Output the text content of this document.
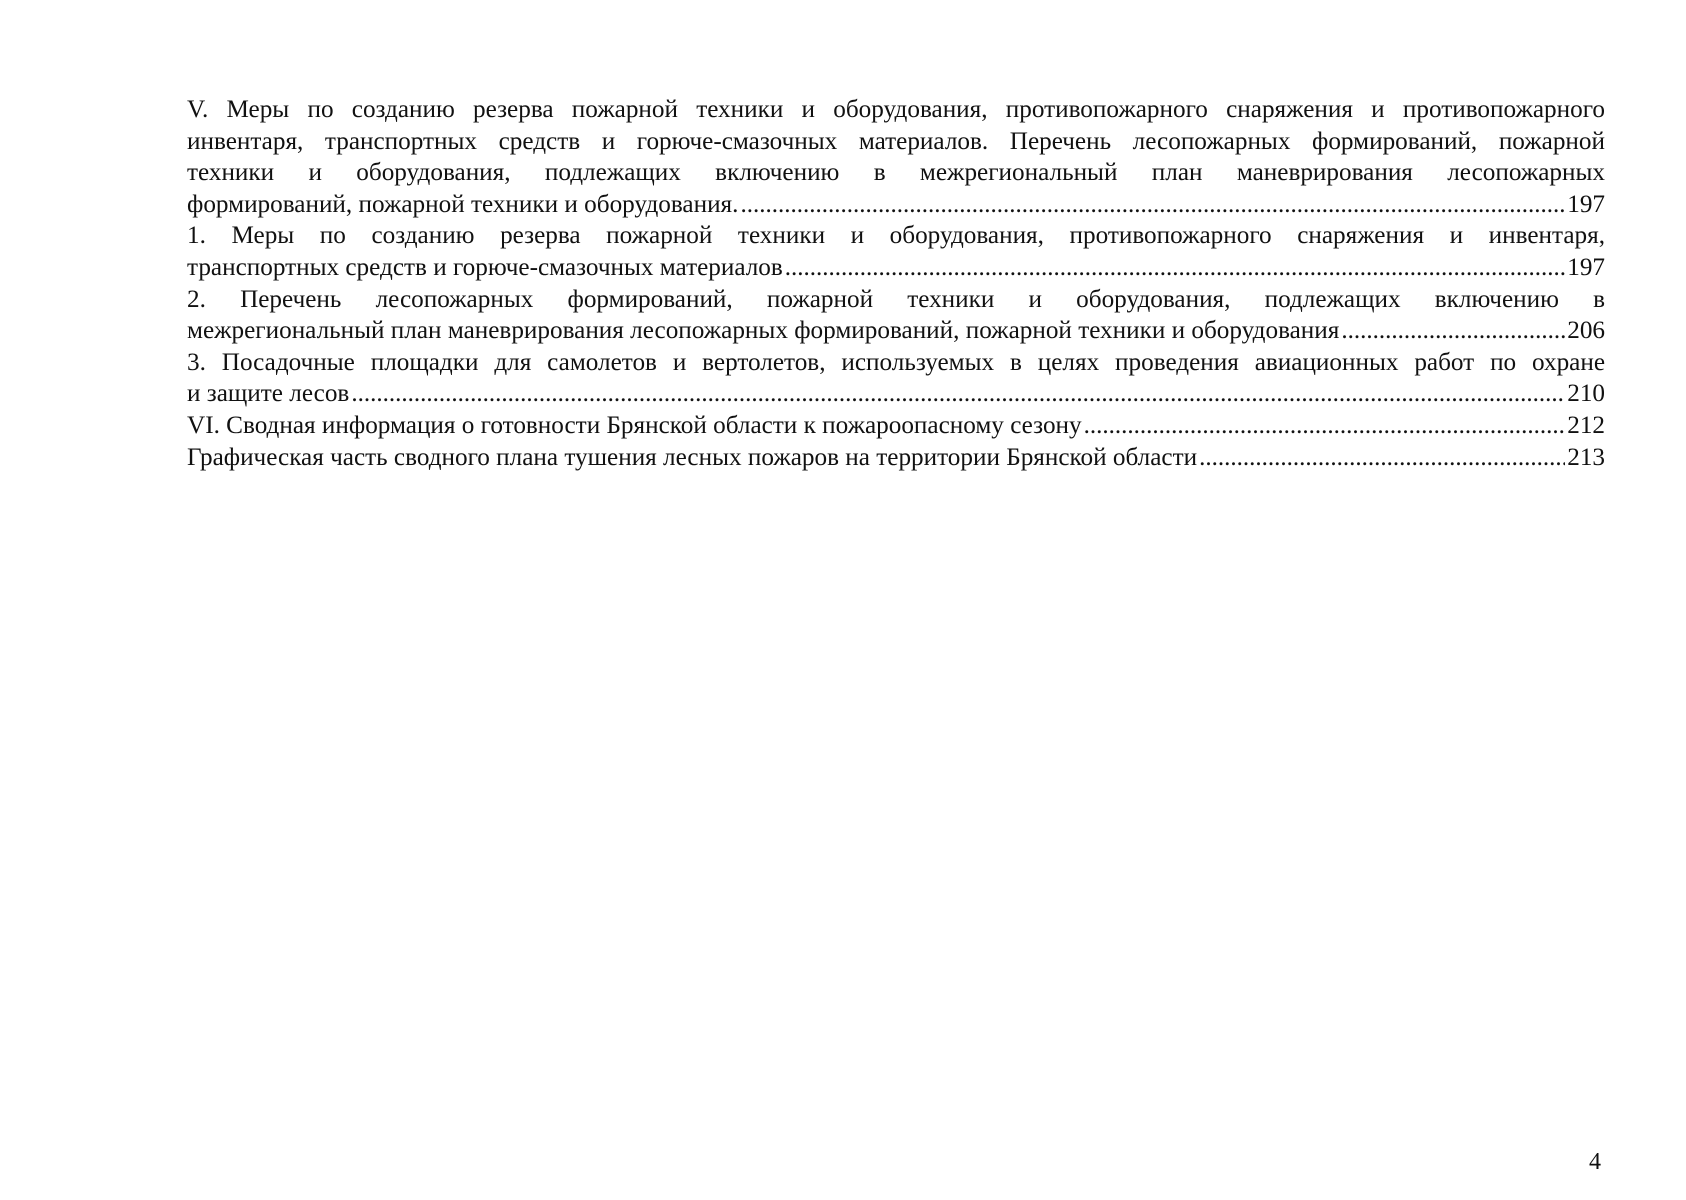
V. Меры по созданию резерва пожарной техники и оборудования, противопожарного снаряжения и противопожарного

инвентаря, транспортных средств и горюче-смазочных материалов. Перечень лесопожарных формирований, пожарной

техники и оборудования, подлежащих включению в межрегиональный план маневрирования лесопожарных

формирований, пожарной техники и оборудования. .....	197

1. Меры по созданию резерва пожарной техники и оборудования, противопожарного снаряжения и инвентаря,

транспортных средств и горюче-смазочных материалов .....	197

2. Перечень лесопожарных формирований, пожарной техники и оборудования, подлежащих включению в

межрегиональный план маневрирования лесопожарных формирований, пожарной техники и оборудования .....	206

3. Посадочные площадки для самолетов и вертолетов, используемых в целях проведения авиационных работ по охране

и защите лесов .....	210
VI. Сводная информация о готовности Брянской области к пожароопасному сезону .....	212
Графическая часть сводного плана тушения лесных пожаров на территории Брянской области .....	213
4
